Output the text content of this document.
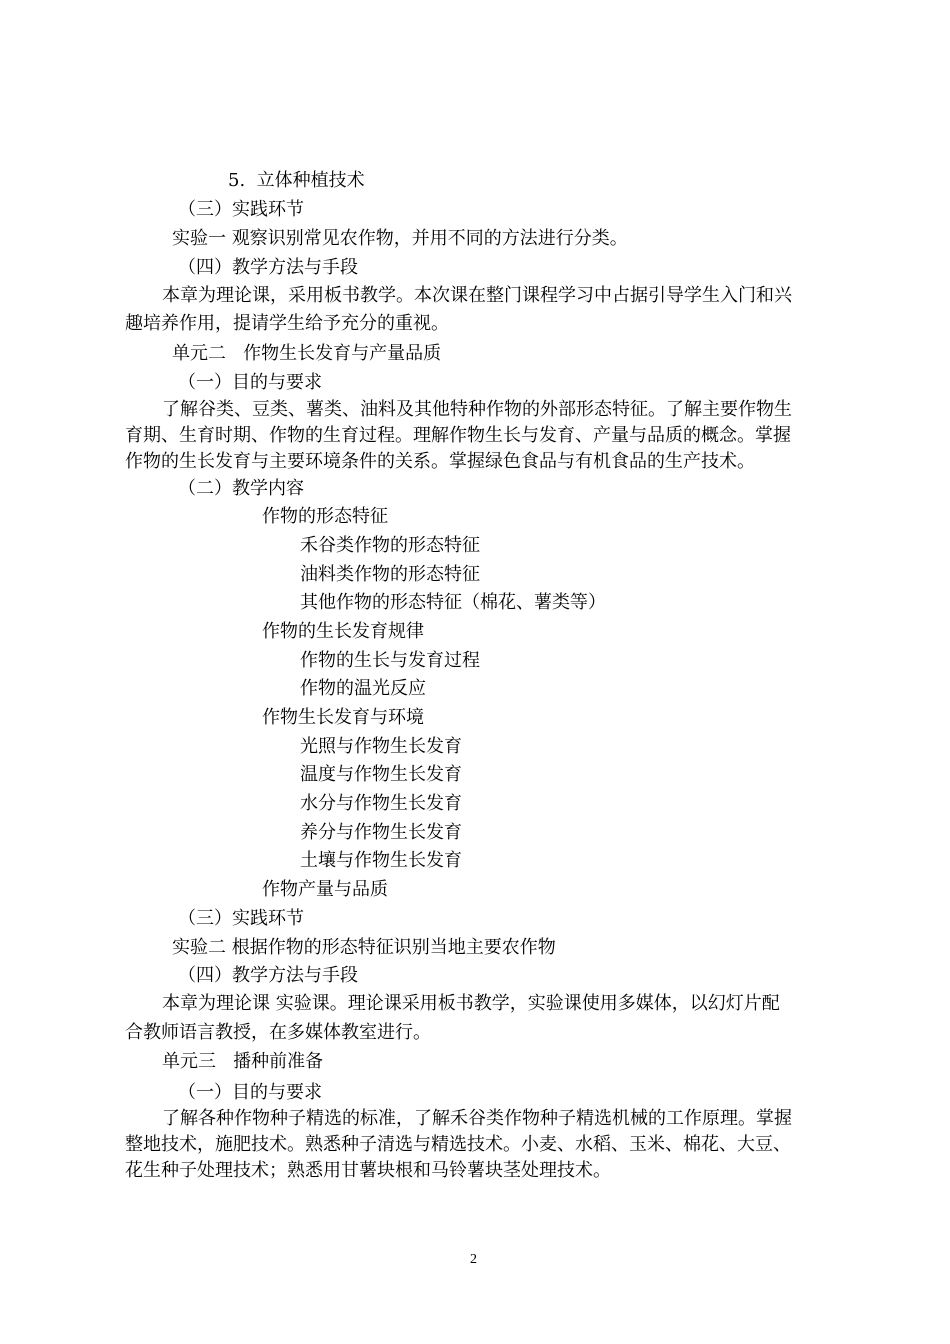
5.  立体种植技术
（三）实践环节
实验一 观察识别常见农作物，并用不同的方法进行分类。
（四）教学方法与手段
本章为理论课，采用板书教学。本次课在整门课程学习中占据引导学生入门和兴
趣培养作用，提请学生给予充分的重视。
单元二   作物生长发育与产量品质
（一）目的与要求
了解谷类、豆类、薯类、油料及其他特种作物的外部形态特征。了解主要作物生
育期、生育时期、作物的生育过程。理解作物生长与发育、产量与品质的概念。掌握
作物的生长发育与主要环境条件的关系。掌握绿色食品与有机食品的生产技术。
（二）教学内容
作物的形态特征
禾谷类作物的形态特征
油料类作物的形态特征
其他作物的形态特征（棉花、薯类等）
作物的生长发育规律
作物的生长与发育过程
作物的温光反应
作物生长发育与环境
光照与作物生长发育
温度与作物生长发育
水分与作物生长发育
养分与作物生长发育
土壤与作物生长发育
作物产量与品质
（三）实践环节
实验二 根据作物的形态特征识别当地主要农作物
（四）教学方法与手段
本章为理论课 实验课。理论课采用板书教学，实验课使用多媒体，以幻灯片配
合教师语言教授，在多媒体教室进行。
单元三   播种前准备
（一）目的与要求
了解各种作物种子精选的标准，了解禾谷类作物种子精选机械的工作原理。掌握
整地技术，施肥技术。熟悉种子清选与精选技术。小麦、水稻、玉米、棉花、大豆、
花生种子处理技术；熟悉用甘薯块根和马铃薯块茎处理技术。
2
